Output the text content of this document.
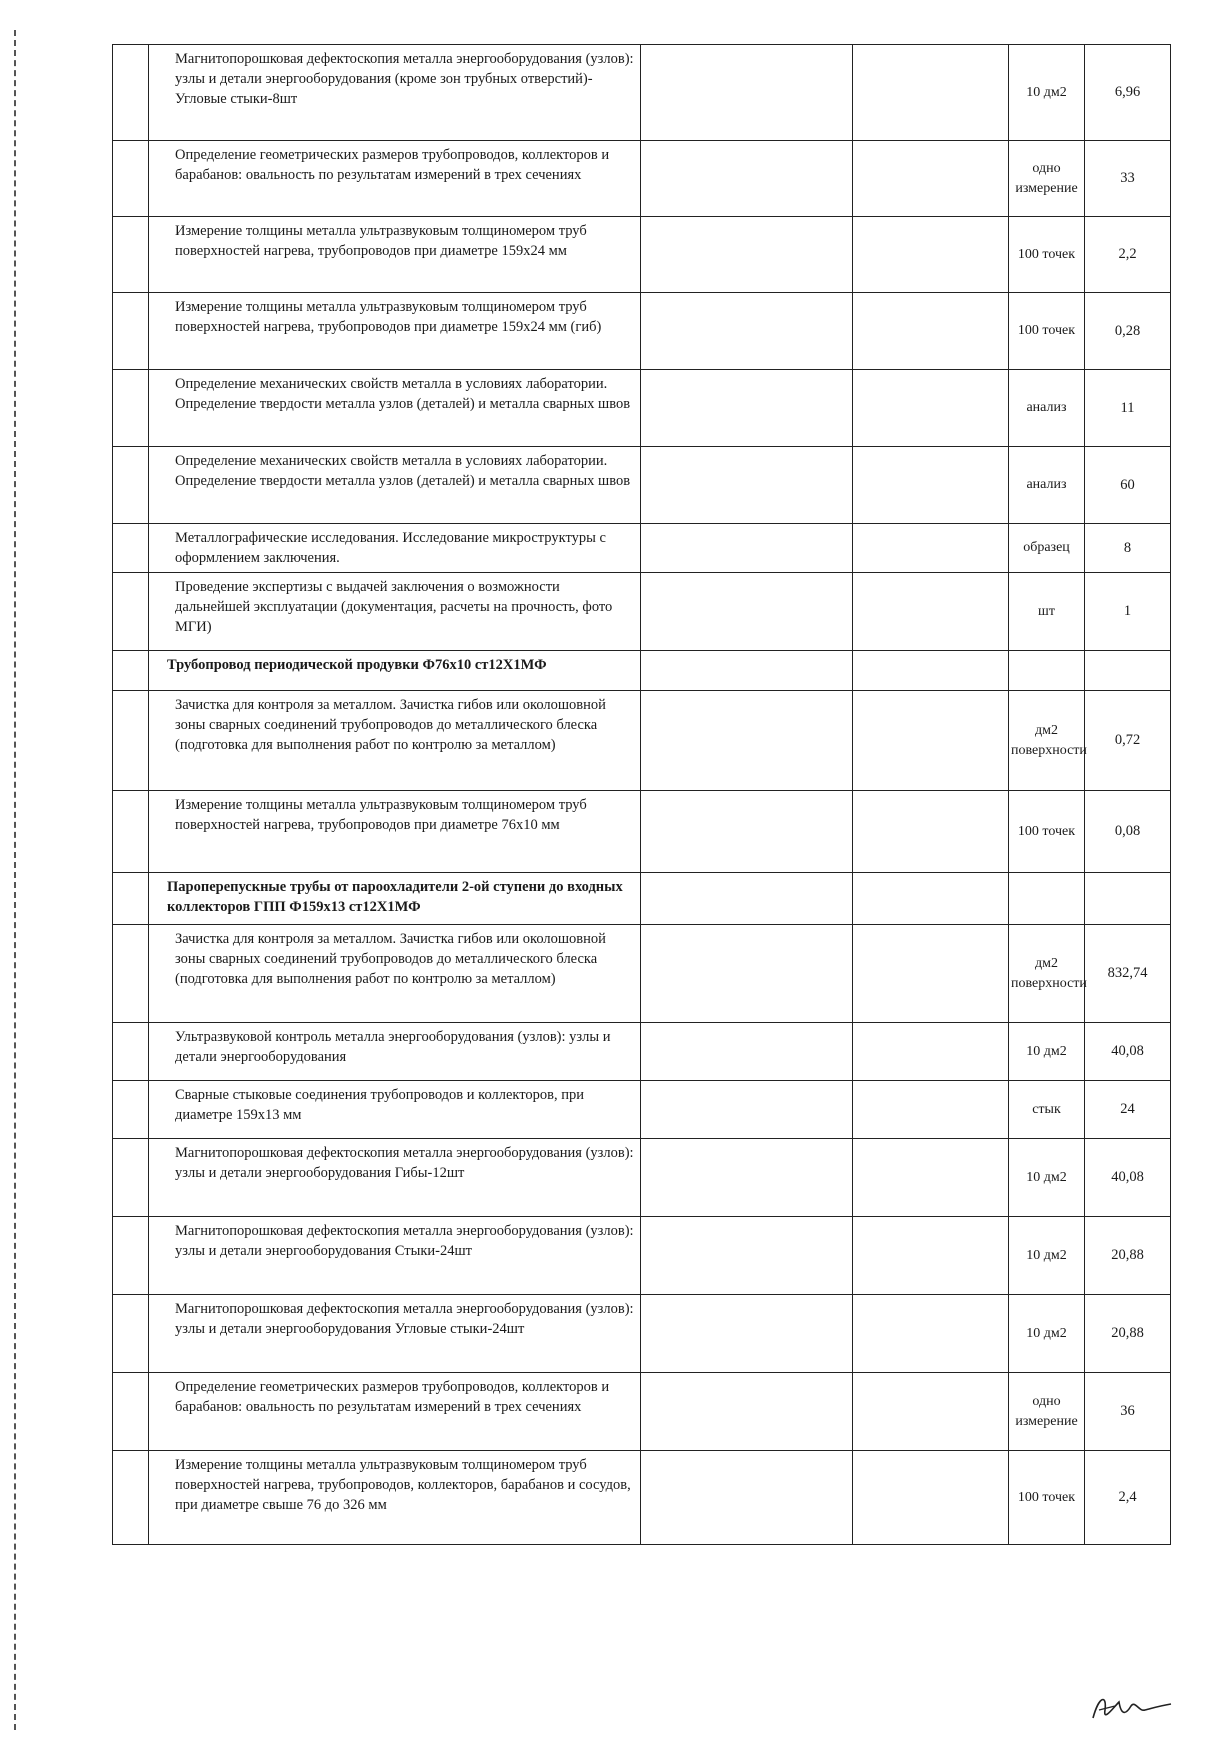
	Магнитопорошковая дефектоскопия металла энергооборудования (узлов): узлы и детали энергооборудования (кроме зон трубных отверстий)-Угловые стыки-8шт			10 дм2	6,96
	Определение геометрических размеров трубопроводов, коллекторов и барабанов: овальность по результатам измерений в трех сечениях			одно измерение	33
	Измерение толщины металла ультразвуковым толщиномером труб поверхностей нагрева, трубопроводов при диаметре 159х24 мм			100 точек	2,2
	Измерение толщины металла ультразвуковым толщиномером труб поверхностей нагрева, трубопроводов при диаметре 159х24 мм (гиб)			100 точек	0,28
	Определение механических свойств металла в условиях лаборатории. Определение твердости металла узлов (деталей) и металла сварных швов			анализ	11
	Определение механических свойств металла в условиях лаборатории. Определение твердости металла узлов (деталей) и металла сварных швов			анализ	60
	Металлографические исследования. Исследование микроструктуры с оформлением заключения.			образец	8
	Проведение экспертизы с выдачей заключения о возможности дальнейшей эксплуатации (документация, расчеты на прочность, фото МГИ)			шт	1
	Трубопровод периодической продувки Ф76х10 ст12Х1МФ				
	Зачистка для контроля за металлом. Зачистка гибов или околошовной зоны сварных соединений трубопроводов до металлического блеска (подготовка для выполнения работ по контролю за металлом)			дм2 поверхности	0,72
	Измерение толщины металла ультразвуковым толщиномером труб поверхностей нагрева, трубопроводов при диаметре 76х10 мм			100 точек	0,08
	Пароперепускные трубы от пароохладители 2-ой ступени до входных коллекторов ГПП Ф159х13 ст12Х1МФ				
	Зачистка для контроля за металлом. Зачистка гибов или околошовной зоны сварных соединений трубопроводов до металлического блеска (подготовка для выполнения работ по контролю за металлом)			дм2 поверхности	832,74
	Ультразвуковой контроль металла энергооборудования (узлов): узлы и детали энергооборудования			10 дм2	40,08
	Сварные стыковые соединения трубопроводов и коллекторов, при диаметре 159х13 мм			стык	24
	Магнитопорошковая дефектоскопия металла энергооборудования (узлов): узлы и детали энергооборудования Гибы-12шт			10 дм2	40,08
	Магнитопорошковая дефектоскопия металла энергооборудования (узлов): узлы и детали энергооборудования Стыки-24шт			10 дм2	20,88
	Магнитопорошковая дефектоскопия металла энергооборудования (узлов): узлы и детали энергооборудования Угловые стыки-24шт			10 дм2	20,88
	Определение геометрических размеров трубопроводов, коллекторов и барабанов: овальность по результатам измерений в трех сечениях			одно измерение	36
	Измерение толщины металла ультразвуковым толщиномером труб поверхностей нагрева, трубопроводов, коллекторов, барабанов и сосудов, при диаметре свыше 76 до 326 мм			100 точек	2,4
